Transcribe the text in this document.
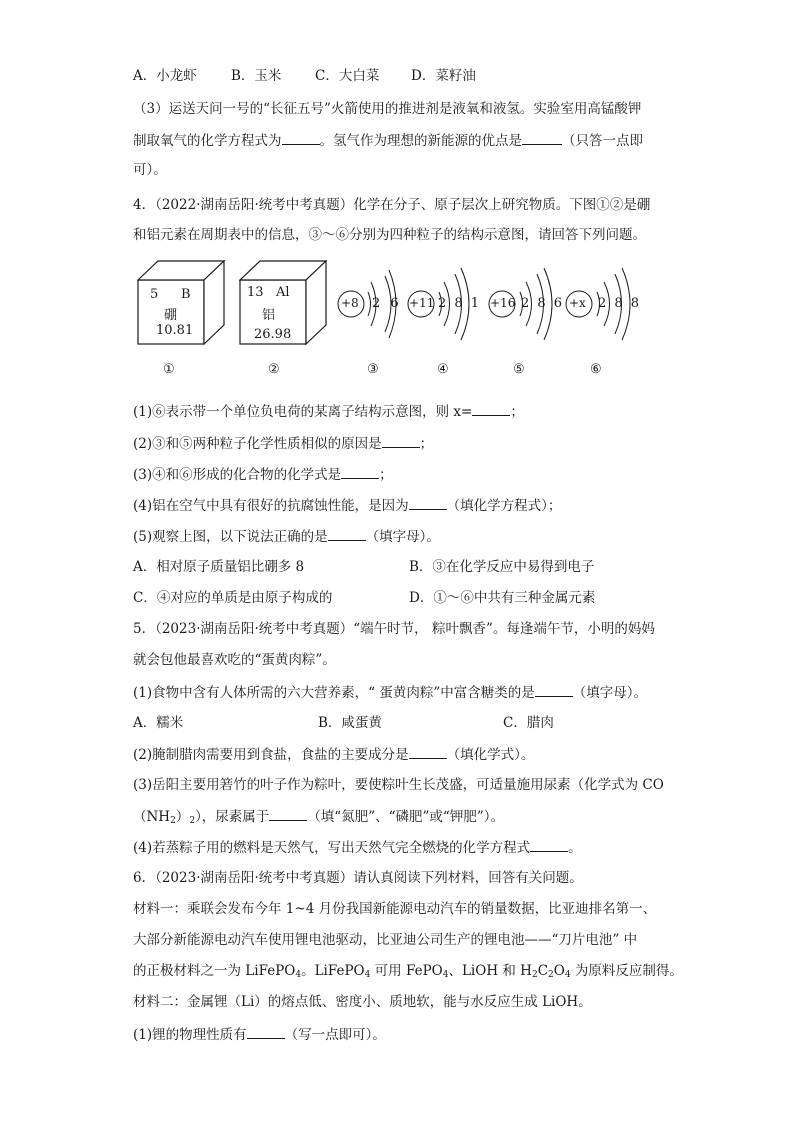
A．小龙虾	B．玉米 C．大白菜 D．菜籽油
（3）运送天问一号的“长征五号”火箭使用的推进剂是液氧和液氢。实验室用高锰酸钾
制取氧气的化学方程式为	。氢气作为理想的新能源的优点是	（只答一点即
可）。
4．（2022·湖南岳阳·统考中考真题）化学在分子、原子层次上研究物质。下图①②是硼
和铝元素在周期表中的信息，③～⑥分别为四种粒子的结构示意图，请回答下列问题。
5 B
硼
10.81
13 Al
铝
26.98
+8 2 6 +11 2 8 1 +16 2 8 6 +x 2 8 8
①	②	③	④	⑤	⑥
(1)⑥表示带一个单位负电荷的某离子结构示意图，则 x=	；
(2)③和⑤两种粒子化学性质相似的原因是	；
(3)④和⑥形成的化合物的化学式是	；
(4)铝在空气中具有很好的抗腐蚀性能，是因为	（填化学方程式）；
(5)观察上图，以下说法正确的是	（填字母）。
A．相对原子质量铝比硼多 8	B．③在化学反应中易得到电子
C．④对应的单质是由原子构成的	D．①～⑥中共有三种金属元素
5．（2023·湖南岳阳·统考中考真题）“端午时节， 粽叶飘香”。每逢端午节，小明的妈妈
就会包他最喜欢吃的“蛋黄肉粽”。
(1)食物中含有人体所需的六大营养素，“ 蛋黄肉粽”中富含糖类的是	（填字母）。
A．糯米	B．咸蛋黄	C．腊肉
(2)腌制腊肉需要用到食盐，食盐的主要成分是	（填化学式）。
(3)岳阳主要用箬竹的叶子作为粽叶，要使粽叶生长茂盛，可适量施用尿素（化学式为 CO
$(NH_2)_2$），尿素属于	（填“氮肥”、“磷肥”或“钾肥”）。
(4)若蒸粽子用的燃料是天然气，写出天然气完全燃烧的化学方程式	。
6．（2023·湖南岳阳·统考中考真题）请认真阅读下列材料，回答有关问题。
材料一：乘联会发布今年 1~4 月份我国新能源电动汽车的销量数据，比亚迪排名第一、
大部分新能源电动汽车使用锂电池驱动，比亚迪公司生产的锂电池——“刀片电池” 中
的正极材料之一为 LiFePO$_4$。LiFePO$_4$ 可用 FePO$_4$、LiOH 和 $H_2C_2O_4$ 为原料反应制得。
材料二：金属锂（Li）的熔点低、密度小、质地软，能与水反应生成 LiOH。
(1)锂的物理性质有	（写一点即可）。
